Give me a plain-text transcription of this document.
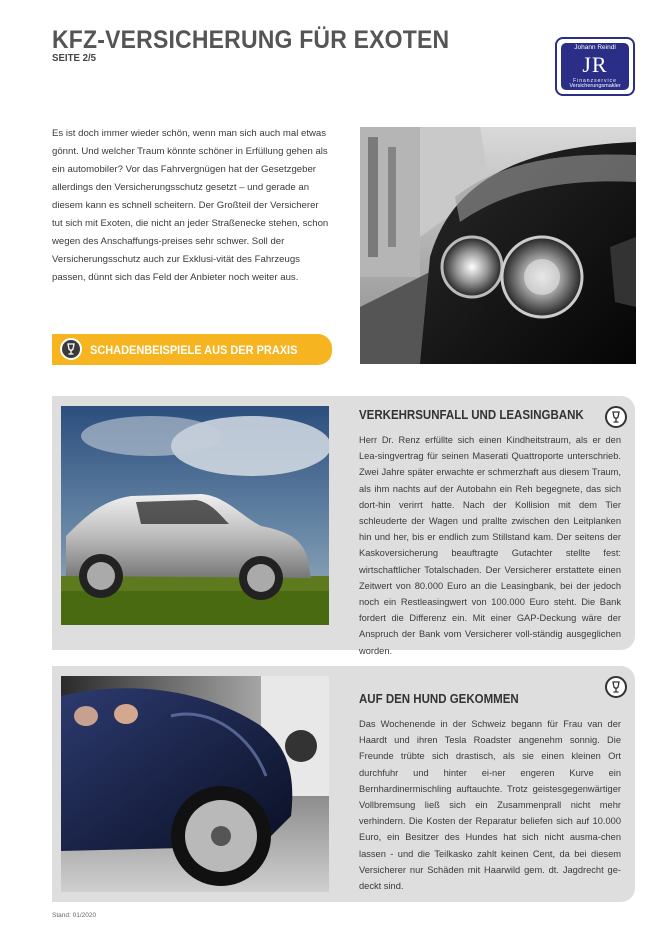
KFZ-VERSICHERUNG FÜR EXOTEN
SEITE 2/5
Johann Reindl
JR
Finanzservice
Versicherungsmakler
Es ist doch immer wieder schön, wenn man sich auch mal etwas gönnt. Und welcher Traum könnte schöner in Erfüllung gehen als ein automobiler? Vor das Fahrvergnügen hat der Gesetzgeber allerdings den Versicherungsschutz gesetzt – und gerade an diesem kann es schnell scheitern. Der Großteil der Versicherer tut sich mit Exoten, die nicht an jeder Straßenecke stehen, schon wegen des Anschaffungs-preises sehr schwer. Soll der Versicherungsschutz auch zur Exklusi-vität des Fahrzeugs passen, dünnt sich das Feld der Anbieter noch weiter aus.
SCHADENBEISPIELE AUS DER PRAXIS
VERKEHRSUNFALL UND LEASINGBANK
Herr Dr. Renz erfüllte sich einen Kindheitstraum, als er den Lea-singvertrag für seinen Maserati Quattroporte unterschrieb. Zwei Jahre später erwachte er schmerzhaft aus diesem Traum, als ihm nachts auf der Autobahn ein Reh begegnete, das sich dort-hin verirrt hatte. Nach der Kollision mit dem Tier schleuderte der Wagen und prallte zwischen den Leitplanken hin und her, bis er endlich zum Stillstand kam. Der seitens der Kaskoversicherung beauftragte Gutachter stellte fest: wirtschaftlicher Totalschaden. Der Versicherer erstattete einen Zeitwert von 80.000 Euro an die Leasingbank, bei der jedoch noch ein Restleasingwert von 100.000 Euro steht. Die Bank fordert die Differenz ein. Mit einer GAP-Deckung wäre der Anspruch der Bank vom Versicherer voll-ständig ausgeglichen worden.
AUF DEN HUND GEKOMMEN
Das Wochenende in der Schweiz begann für Frau van der Haardt und ihren Tesla Roadster angenehm sonnig. Die Freunde trübte sich drastisch, als sie einen kleinen Ort durchfuhr und hinter ei-ner engeren Kurve ein Bernhardinermischling auftauchte. Trotz geistesgegenwärtiger Vollbremsung ließ sich ein Zusammenprall nicht mehr verhindern. Die Kosten der Reparatur beliefen sich auf 10.000 Euro, ein Besitzer des Hundes hat sich nicht ausma-chen lassen - und die Teilkasko zahlt keinen Cent, da bei diesem Versicherer nur Schäden mit Haarwild gem. dt. Jagdrecht ge-deckt sind.
Stand: 01/2020
